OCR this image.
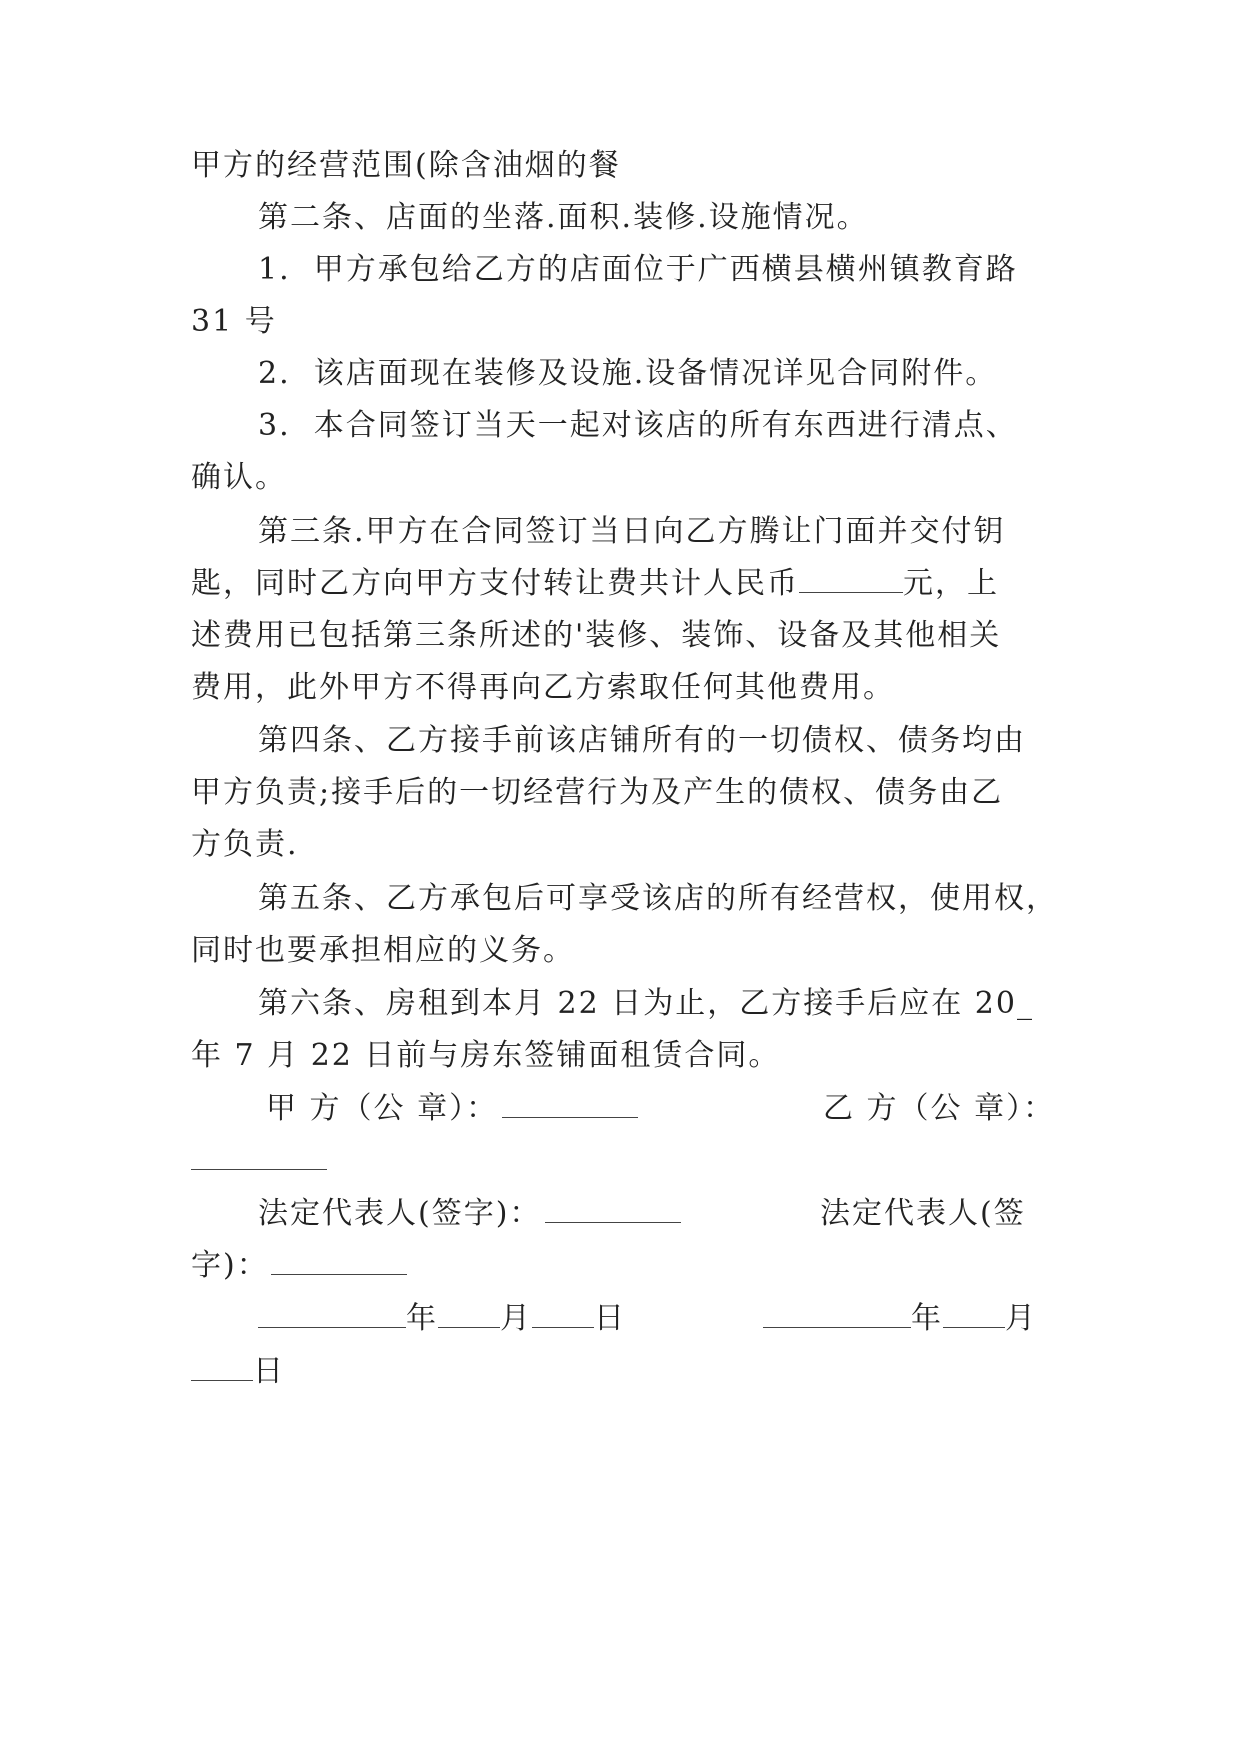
甲方的经营范围(除含油烟的餐
第二条、店面的坐落.面积.装修.设施情况。
1.  甲方承包给乙方的店面位于广西横县横州镇教育路
31 号
2.  该店面现在装修及设施.设备情况详见合同附件。
3.  本合同签订当天一起对该店的所有东西进行清点、
确认。
第三条.甲方在合同签订当日向乙方腾让门面并交付钥
匙，同时乙方向甲方支付转让费共计人民币	元，上
述费用已包括第三条所述的'装修、装饰、设备及其他相关
费用，此外甲方不得再向乙方索取任何其他费用。
第四条、乙方接手前该店铺所有的一切债权、债务均由
甲方负责;接手后的一切经营行为及产生的债权、债务由乙
方负责.
第五条、乙方承包后可享受该店的所有经营权，使用权，
同时也要承担相应的义务。
第六条、房租到本月 22 日为止，乙方接手后应在 20_
年 7 月 22 日前与房东签铺面租赁合同。
甲 方（公 章）：	乙 方（公 章）：
法定代表人(签字)：	法定代表人(签
字)：
年 月 日	年 月
日
